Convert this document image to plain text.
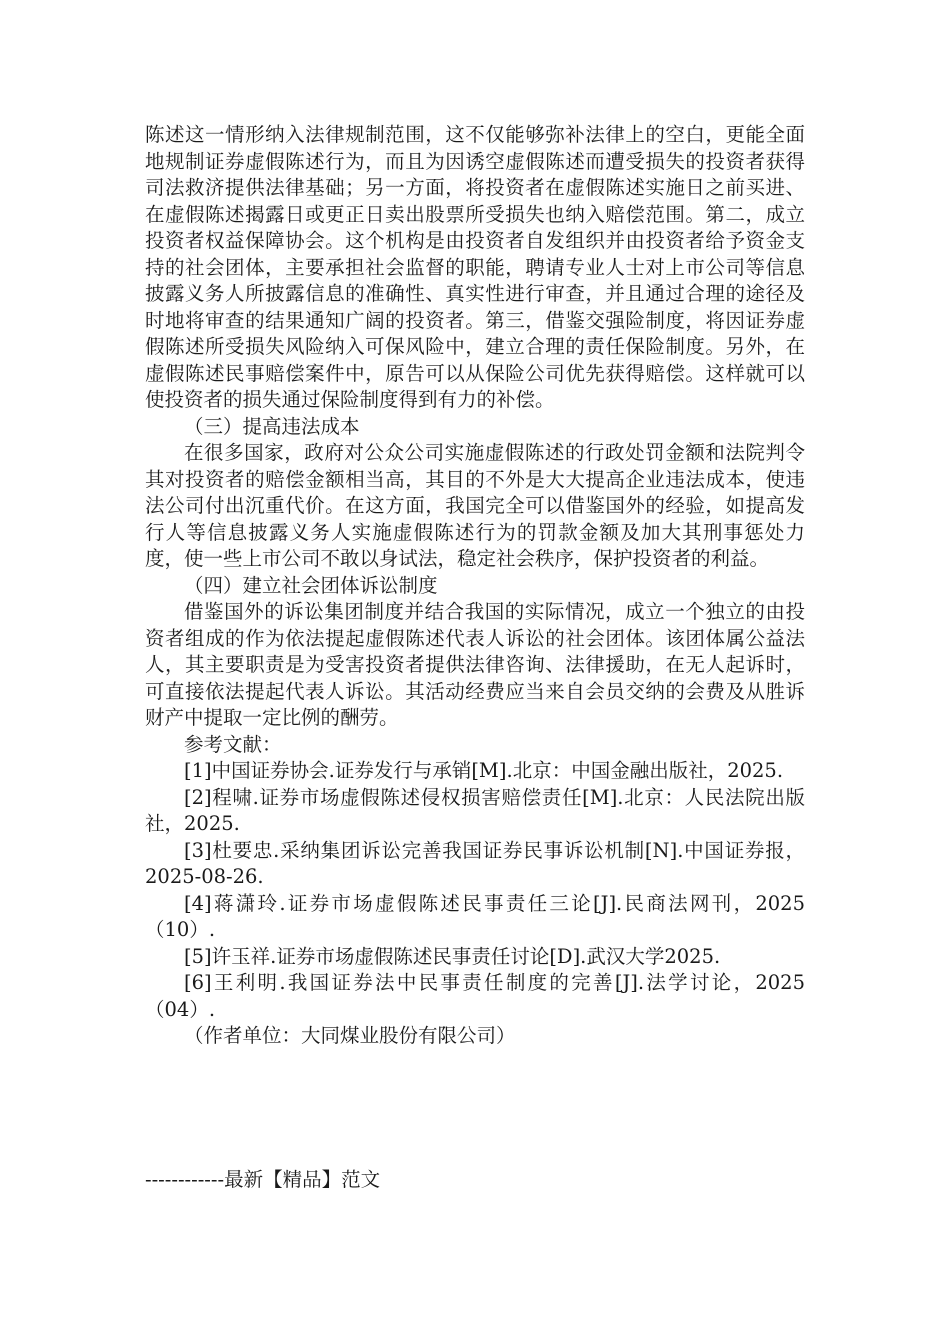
陈述这一情形纳入法律规制范围，这不仅能够弥补法律上的空白，更能全面地规制证券虚假陈述行为，而且为因诱空虚假陈述而遭受损失的投资者获得司法救济提供法律基础；另一方面，将投资者在虚假陈述实施日之前买进、在虚假陈述揭露日或更正日卖出股票所受损失也纳入赔偿范围。第二，成立投资者权益保障协会。这个机构是由投资者自发组织并由投资者给予资金支持的社会团体，主要承担社会监督的职能，聘请专业人士对上市公司等信息披露义务人所披露信息的准确性、真实性进行审查，并且通过合理的途径及时地将审查的结果通知广阔的投资者。第三，借鉴交强险制度，将因证券虚假陈述所受损失风险纳入可保风险中，建立合理的责任保险制度。另外，在虚假陈述民事赔偿案件中，原告可以从保险公司优先获得赔偿。这样就可以使投资者的损失通过保险制度得到有力的补偿。

（三）提高违法成本

在很多国家，政府对公众公司实施虚假陈述的行政处罚金额和法院判令其对投资者的赔偿金额相当高，其目的不外是大大提高企业违法成本，使违法公司付出沉重代价。在这方面，我国完全可以借鉴国外的经验，如提高发行人等信息披露义务人实施虚假陈述行为的罚款金额及加大其刑事惩处力度，使一些上市公司不敢以身试法，稳定社会秩序，保护投资者的利益。

（四）建立社会团体诉讼制度

借鉴国外的诉讼集团制度并结合我国的实际情况，成立一个独立的由投资者组成的作为依法提起虚假陈述代表人诉讼的社会团体。该团体属公益法人，其主要职责是为受害投资者提供法律咨询、法律援助，在无人起诉时，可直接依法提起代表人诉讼。其活动经费应当来自会员交纳的会费及从胜诉财产中提取一定比例的酬劳。

参考文献：

[1]中国证券协会.证券发行与承销[M].北京：中国金融出版社，2025.

[2]程啸.证券市场虚假陈述侵权损害赔偿责任[M].北京：人民法院出版社，2025.

[3]杜要忠.采纳集团诉讼完善我国证券民事诉讼机制[N].中国证券报，2025-08-26.

[4]蒋潇玲.证券市场虚假陈述民事责任三论[J].民商法网刊，2025（10）.

[5]许玉祥.证券市场虚假陈述民事责任讨论[D].武汉大学2025.

[6]王利明.我国证券法中民事责任制度的完善[J].法学讨论，2025（04）.

（作者单位：大同煤业股份有限公司）

------------最新【精品】范文
